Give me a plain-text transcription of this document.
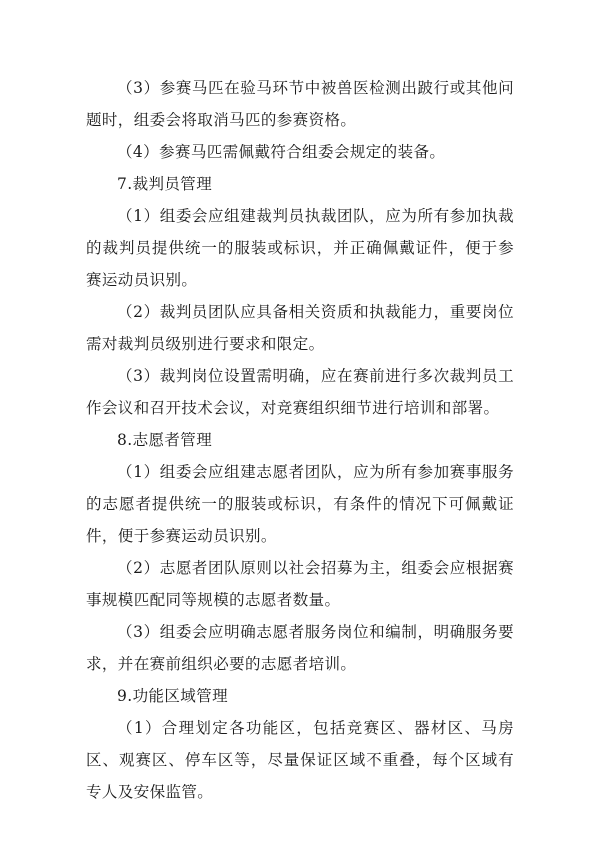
（3）参赛马匹在验马环节中被兽医检测出跛行或其他问题时，组委会将取消马匹的参赛资格。

（4）参赛马匹需佩戴符合组委会规定的装备。

7.裁判员管理

（1）组委会应组建裁判员执裁团队，应为所有参加执裁的裁判员提供统一的服装或标识，并正确佩戴证件，便于参赛运动员识别。

（2）裁判员团队应具备相关资质和执裁能力，重要岗位需对裁判员级别进行要求和限定。

（3）裁判岗位设置需明确，应在赛前进行多次裁判员工作会议和召开技术会议，对竞赛组织细节进行培训和部署。

8.志愿者管理

（1）组委会应组建志愿者团队，应为所有参加赛事服务的志愿者提供统一的服装或标识，有条件的情况下可佩戴证件，便于参赛运动员识别。

（2）志愿者团队原则以社会招募为主，组委会应根据赛事规模匹配同等规模的志愿者数量。

（3）组委会应明确志愿者服务岗位和编制，明确服务要求，并在赛前组织必要的志愿者培训。

9.功能区域管理

（1）合理划定各功能区，包括竞赛区、器材区、马房区、观赛区、停车区等，尽量保证区域不重叠，每个区域有专人及安保监管。
